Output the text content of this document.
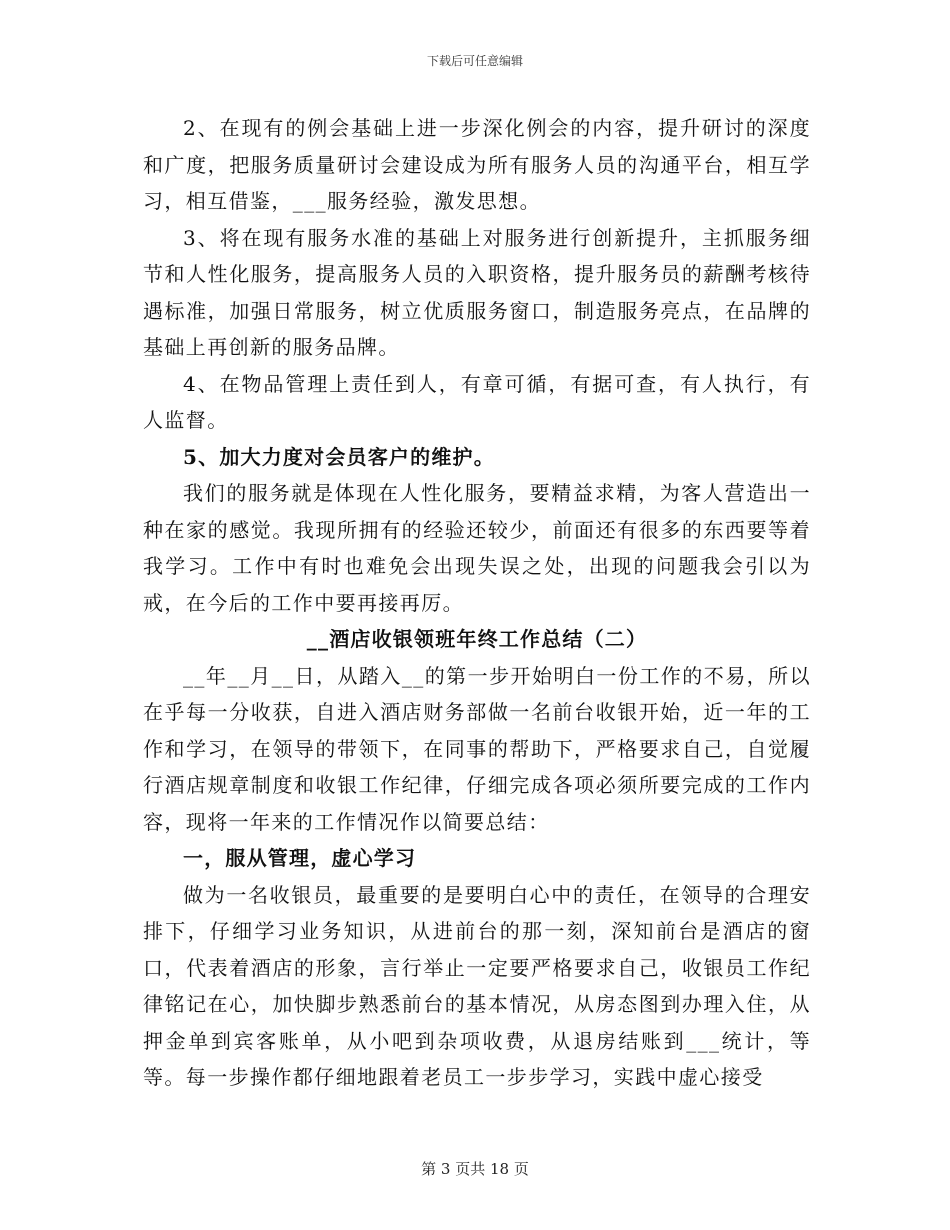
下载后可任意编辑

2、在现有的例会基础上进一步深化例会的内容，提升研讨的深度和广度，把服务质量研讨会建设成为所有服务人员的沟通平台，相互学习，相互借鉴，___服务经验，激发思想。

3、将在现有服务水准的基础上对服务进行创新提升，主抓服务细节和人性化服务，提高服务人员的入职资格，提升服务员的薪酬考核待遇标准，加强日常服务，树立优质服务窗口，制造服务亮点，在品牌的基础上再创新的服务品牌。

4、在物品管理上责任到人，有章可循，有据可查，有人执行，有人监督。

5、加大力度对会员客户的维护。

我们的服务就是体现在人性化服务，要精益求精，为客人营造出一种在家的感觉。我现所拥有的经验还较少，前面还有很多的东西要等着我学习。工作中有时也难免会出现失误之处，出现的问题我会引以为戒，在今后的工作中要再接再厉。

__酒店收银领班年终工作总结（二）

__年__月__日，从踏入__的第一步开始明白一份工作的不易，所以在乎每一分收获，自进入酒店财务部做一名前台收银开始，近一年的工作和学习，在领导的带领下，在同事的帮助下，严格要求自己，自觉履行酒店规章制度和收银工作纪律，仔细完成各项必须所要完成的工作内容，现将一年来的工作情况作以简要总结：

一，服从管理，虚心学习

做为一名收银员，最重要的是要明白心中的责任，在领导的合理安排下，仔细学习业务知识，从进前台的那一刻，深知前台是酒店的窗口，代表着酒店的形象，言行举止一定要严格要求自己，收银员工作纪律铭记在心，加快脚步熟悉前台的基本情况，从房态图到办理入住，从押金单到宾客账单，从小吧到杂项收费，从退房结账到___统计，等等。每一步操作都仔细地跟着老员工一步步学习，实践中虚心接受

第 3 页共 18 页
